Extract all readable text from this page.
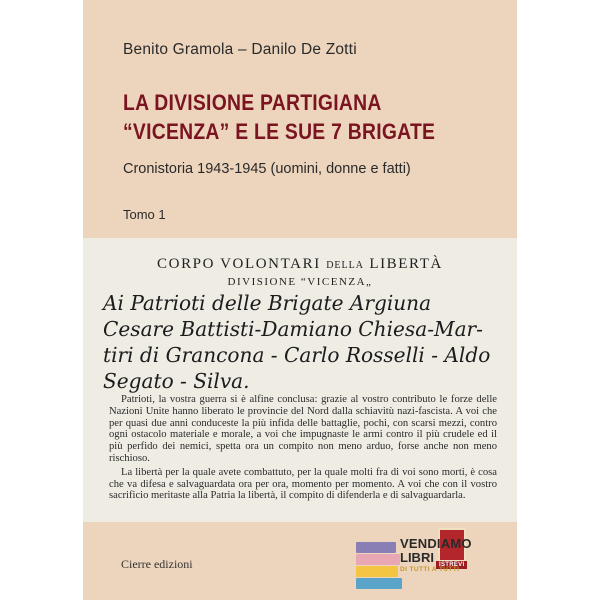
Benito Gramola – Danilo De Zotti
LA DIVISIONE PARTIGIANA
“VICENZA” E LE SUE 7 BRIGATE
Cronistoria 1943-1945 (uomini, donne e fatti)
Tomo 1
CORPO VOLONTARI DELLA LIBERTÀ
DIVISIONE “VICENZA„
Ai Patrioti delle Brigate Argiuna
Cesare Battisti-Damiano Chiesa-Mar-
tiri di Grancona - Carlo Rosselli - Aldo
Segato - Silva.

Patrioti, la vostra guerra si è alfine conclusa: grazie al vostro contributo le forze delle Nazioni Unite hanno liberato le provincie del Nord dalla schiavitù nazi-fascista. A voi che per quasi due anni conduceste la più infida delle battaglie, pochi, con scarsi mezzi, contro ogni ostacolo materiale e morale, a voi che impugnaste le armi contro il più crudele ed il più perfido dei nemici, spetta ora un compito non meno arduo, forse anche non meno rischioso.

La libertà per la quale avete combattuto, per la quale molti fra di voi sono morti, è cosa che va difesa e salvaguardata ora per ora, momento per momento. A voi che con il vostro sacrificio meritaste alla Patria la libertà, il compito di difenderla e di salvaguardarla.

Cierre edizioni	ISTREVI
VENDIAMO
LIBRI
DI TUTTI A TUTTI
